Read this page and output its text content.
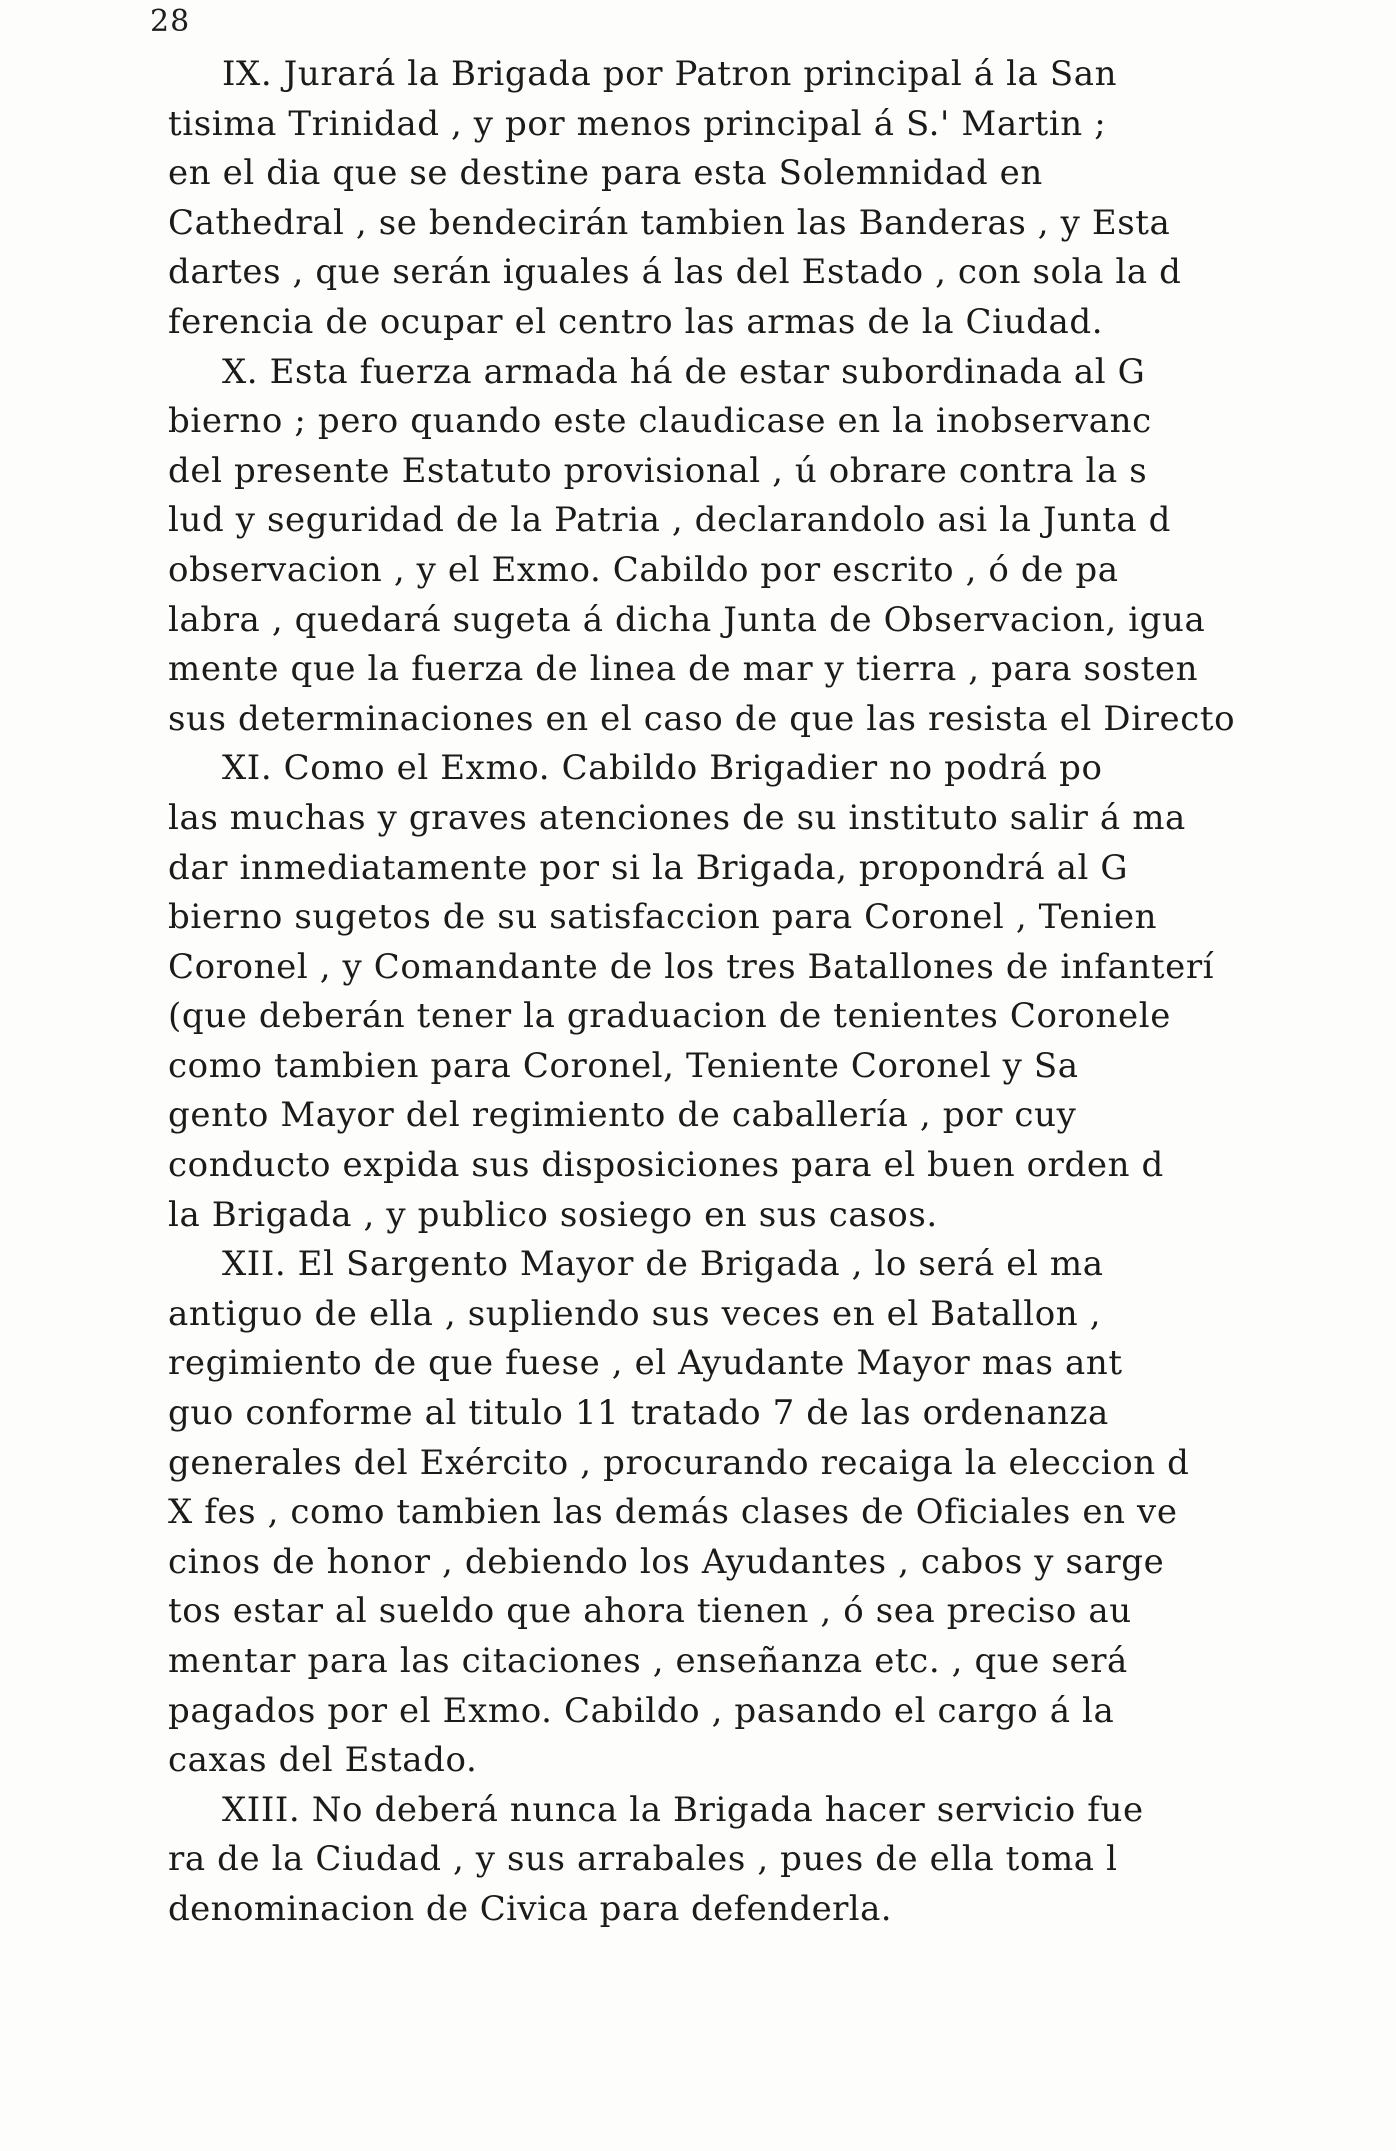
28
IX. Jurará la Brigada por Patron principal á la San
tisima Trinidad , y por menos principal á S.' Martin ;
en el dia que se destine para esta Solemnidad en
Cathedral , se bendecirán tambien las Banderas , y Esta
dartes , que serán iguales á las del Estado , con sola la d
ferencia de ocupar el centro las armas de la Ciudad.
X. Esta fuerza armada há de estar subordinada al G
bierno ; pero quando este claudicase en la inobservanc
del presente Estatuto provisional , ú obrare contra la s
lud y seguridad de la Patria , declarandolo asi la Junta d
observacion , y el Exmo. Cabildo por escrito , ó de pa
labra , quedará sugeta á dicha Junta de Observacion, igua
mente que la fuerza de linea de mar y tierra , para sosten
sus determinaciones en el caso de que las resista el Directo
XI. Como el Exmo. Cabildo Brigadier no podrá po
las muchas y graves atenciones de su instituto salir á ma
dar inmediatamente por si la Brigada, propondrá al G
bierno sugetos de su satisfaccion para Coronel , Tenien
Coronel , y Comandante de los tres Batallones de infanterí
(que deberán tener la graduacion de tenientes Coronele
como tambien para Coronel, Teniente Coronel y Sa
gento Mayor del regimiento de caballería , por cuy
conducto expida sus disposiciones para el buen orden d
la Brigada , y publico sosiego en sus casos.
XII. El Sargento Mayor de Brigada , lo será el ma
antiguo de ella , supliendo sus veces en el Batallon ,
regimiento de que fuese , el Ayudante Mayor mas ant
guo conforme al titulo 11 tratado 7 de las ordenanza
generales del Exército , procurando recaiga la eleccion d
X fes , como tambien las demás clases de Oficiales en ve
cinos de honor , debiendo los Ayudantes , cabos y sarge
tos estar al sueldo que ahora tienen , ó sea preciso au
mentar para las citaciones , enseñanza etc. , que será
pagados por el Exmo. Cabildo , pasando el cargo á la
caxas del Estado.
XIII. No deberá nunca la Brigada hacer servicio fue
ra de la Ciudad , y sus arrabales , pues de ella toma l
denominacion de Civica para defenderla.
